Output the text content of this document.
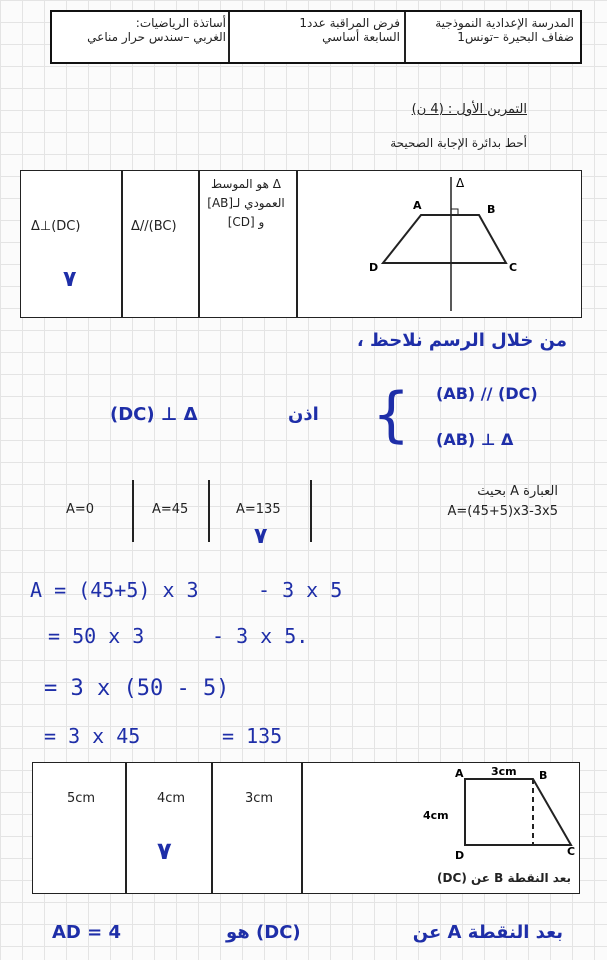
المدرسة الإعدادية النموذجية
ضفاف البحيرة –تونس1
فرض المراقبة عدد1
السابعة أساسي
أساتذة الرياضيات:
الغربي –سندس حرار مناعي
التمرين الأول : (4 ن)
أحط بدائرة الإجابة الصحيحة
Δ⊥(DC)	Δ//(BC)
Δ هو الموسط
العمودي لـ[AB]
و [CD]
٧
Δ
A	B
C
D
من خلال الرسم نلاحظ ،
(AB) // (DC)
(AB) ⊥ Δ
{
اذن
(DC) ⊥ Δ
A=0	A=45	A=135
العبارة A بحيث
A=(45+5)x3-3x5
٧
A = (45+5) x 3	- 3 x 5
= 50 x 3	- 3 x 5.
= 3 x (50 - 5)
= 3 x 45	= 135
5cm	4cm	3cm
٧
3cm
4cm
A	B
C
D
بعد النقطة B عن (DC)
AD = 4	(DC) هو	بعد النقطة A عن
